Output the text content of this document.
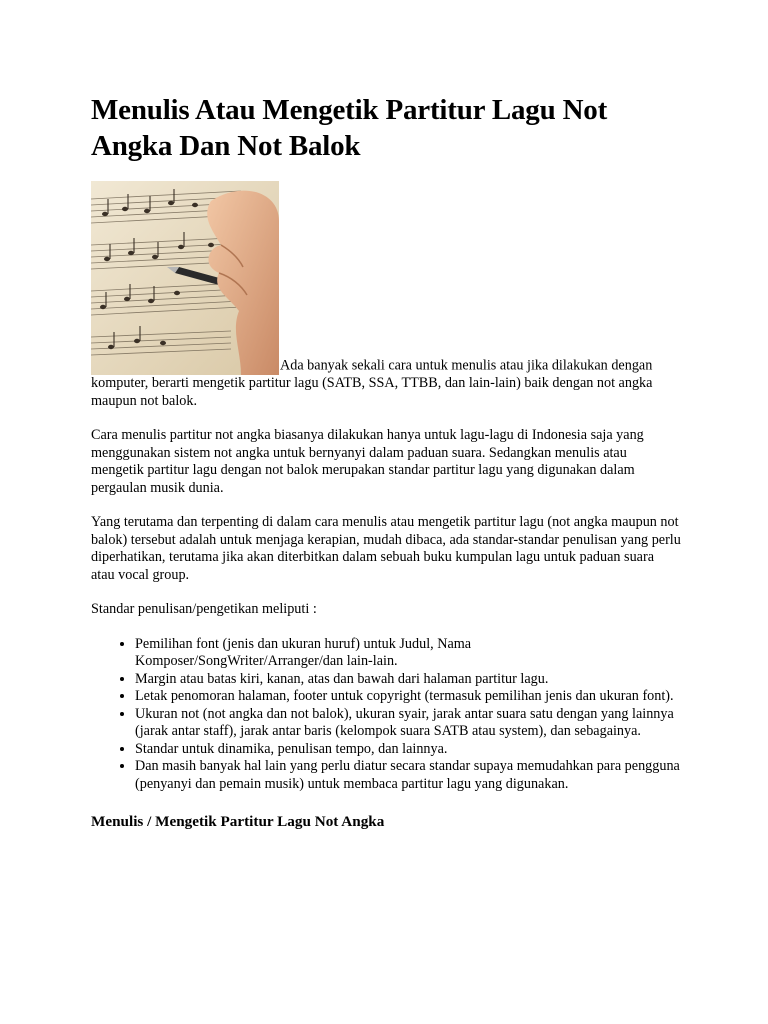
Menulis Atau Mengetik Partitur Lagu Not Angka Dan Not Balok
Ada banyak sekali cara untuk menulis atau jika dilakukan dengan komputer, berarti mengetik partitur lagu (SATB, SSA, TTBB, dan lain-lain) baik dengan not angka maupun not balok.

Cara menulis partitur not angka biasanya dilakukan hanya untuk lagu-lagu di Indonesia saja yang menggunakan sistem not angka untuk bernyanyi dalam paduan suara. Sedangkan menulis atau mengetik partitur lagu dengan not balok merupakan standar partitur lagu yang digunakan dalam pergaulan musik dunia.

Yang terutama dan terpenting di dalam cara menulis atau mengetik partitur lagu (not angka maupun not balok) tersebut adalah untuk menjaga kerapian, mudah dibaca, ada standar-standar penulisan yang perlu diperhatikan, terutama jika akan diterbitkan dalam sebuah buku kumpulan lagu untuk paduan suara atau vocal group.

Standar penulisan/pengetikan meliputi :

• Pemilihan font (jenis dan ukuran huruf) untuk Judul, Nama Komposer/SongWriter/Arranger/dan lain-lain.
• Margin atau batas kiri, kanan, atas dan bawah dari halaman partitur lagu.
• Letak penomoran halaman, footer untuk copyright (termasuk pemilihan jenis dan ukuran font).
• Ukuran not (not angka dan not balok), ukuran syair, jarak antar suara satu dengan yang lainnya (jarak antar staff), jarak antar baris (kelompok suara SATB atau system), dan sebagainya.
• Standar untuk dinamika, penulisan tempo, dan lainnya.
• Dan masih banyak hal lain yang perlu diatur secara standar supaya memudahkan para pengguna (penyanyi dan pemain musik) untuk membaca partitur lagu yang digunakan.
Menulis / Mengetik Partitur Lagu Not Angka
